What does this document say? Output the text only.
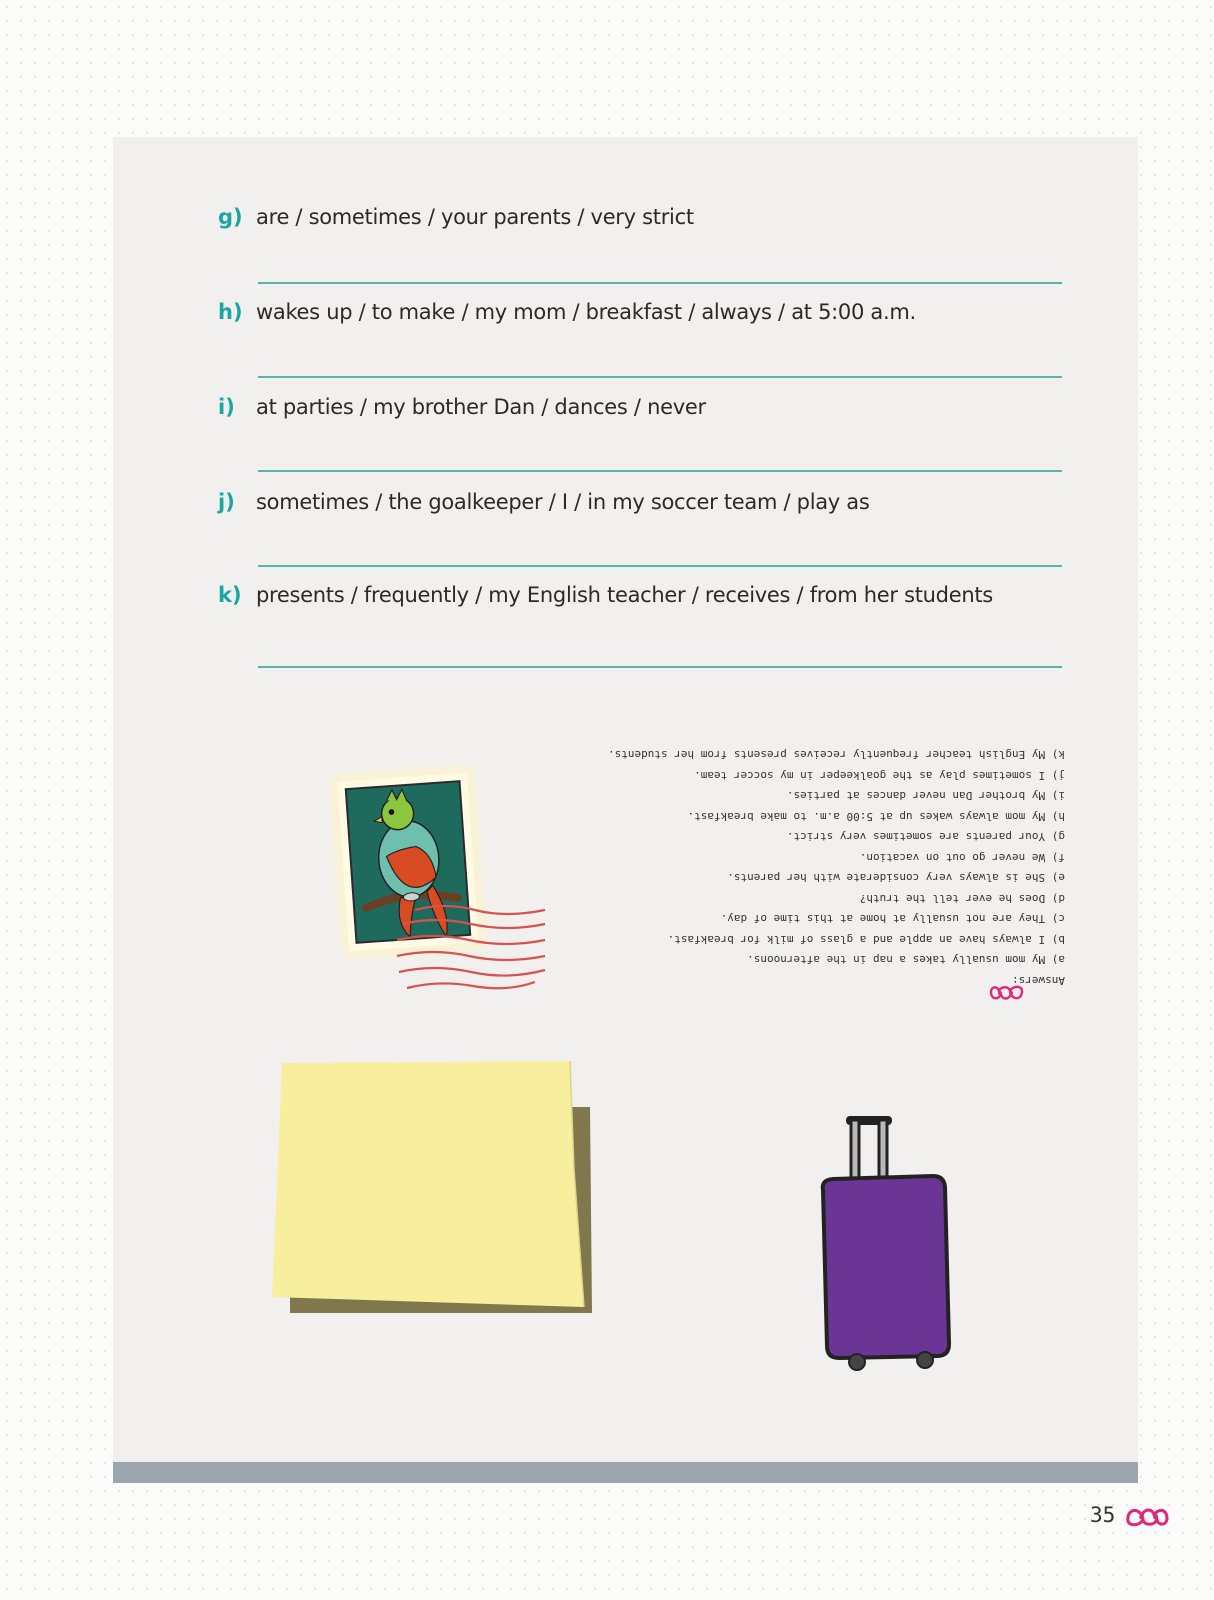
g) are / sometimes / your parents / very strict
h) wakes up / to make / my mom / breakfast / always / at 5:00 a.m.
i) at parties / my brother Dan / dances / never
j) sometimes / the goalkeeper / I / in my soccer team / play as
k) presents / frequently / my English teacher / receives / from her students
Answers:
a) My mom usually takes a nap in the afternoons.
b) I always have an apple and a glass of milk for breakfast.
c) They are not usually at home at this time of day.
d) Does he ever tell the truth?
e) She is always very considerate with her parents.
f) We never go out on vacation.
g) Your parents are sometimes very strict.
h) My mom always wakes up at 5:00 a.m. to make breakfast.
i) My brother Dan never dances at parties.
j) I sometimes play as the goalkeeper in my soccer team.
k) My English teacher frequently receives presents from her students.
35
